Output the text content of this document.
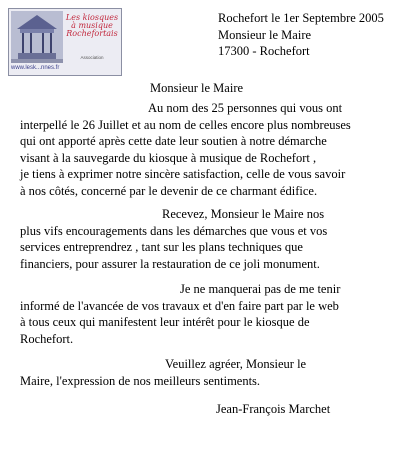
Les kiosques à musique Rochefortais
Association
www.lesk...nnes.fr
Rochefort le 1er Septembre 2005
Monsieur le Maire
17300 - Rochefort
Monsieur le Maire
Au nom des 25 personnes qui vous ont
interpellé le 26 Juillet et au nom de celles encore plus nombreuses
qui ont apporté après cette date leur soutien à notre démarche
visant à la sauvegarde du kiosque à musique de Rochefort ,
je tiens à exprimer notre sincère satisfaction, celle de vous savoir
à nos côtés, concerné par le devenir de ce charmant édifice.
Recevez, Monsieur le Maire nos
plus vifs encouragements dans les démarches que vous et vos
services entreprendrez , tant sur les plans techniques que
financiers, pour assurer la restauration de ce joli monument.
Je ne manquerai pas de me tenir
informé de l'avancée de vos travaux et d'en faire part par le web
à tous ceux qui manifestent leur intérêt pour le kiosque de
Rochefort.
Veuillez agréer, Monsieur le
Maire, l'expression de nos meilleurs sentiments.
Jean-François Marchet
